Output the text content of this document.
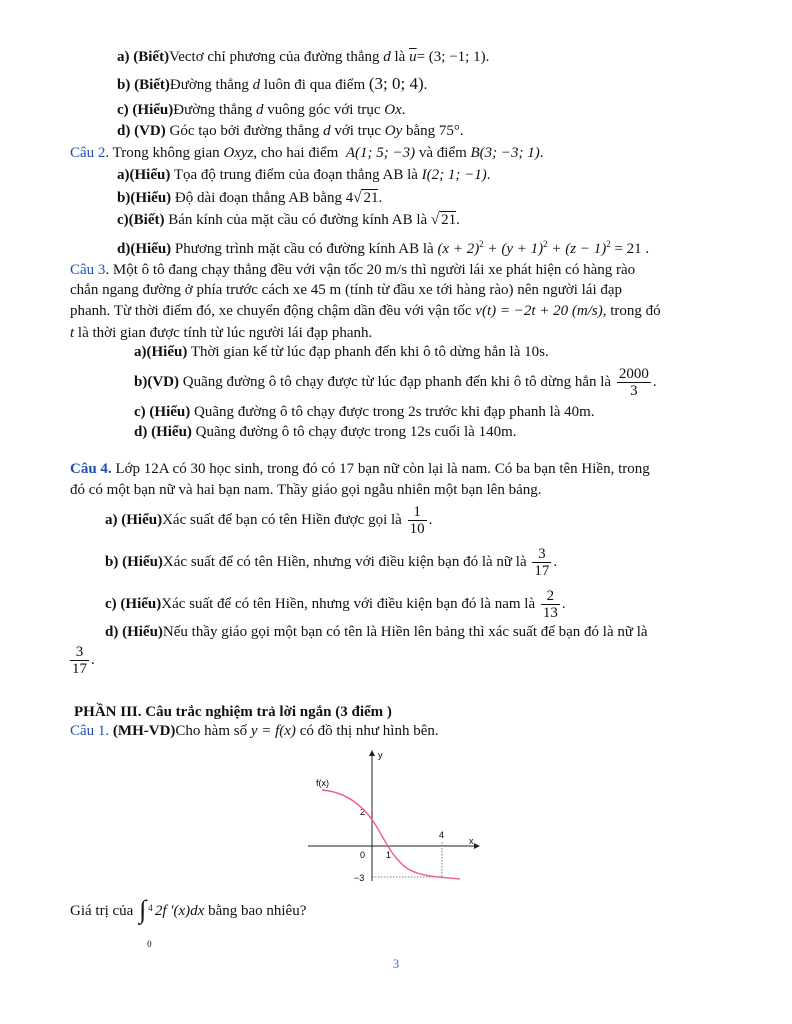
a) (Biết)Vectơ chỉ phương của đường thẳng d là $\overline{u}= (3$; −1; 1).
b) (Biết)Đường thẳng d luôn đi qua điểm (3; 0; 4).
c) (Hiểu)Đường thẳng d vuông góc với trục Ox.
d) (VD) Góc tạo bởi đường thẳng d với trục Oy bằng 75°.
Câu 2. Trong không gian Oxyz, cho hai điểm A(1; 5; −3) và điểm B(3; −3; 1).
a)(Hiểu) Tọa độ trung điểm của đoạn thẳng AB là I(2; 1; −1).
b)(Hiểu) Độ dài đoạn thẳng AB bằng 4√ 21.
c)(Biết) Bán kính của mặt cầu có đường kính AB là √ 21.
d)(Hiểu) Phương trình mặt cầu có đường kính AB là $(x + 2)^2 + (y + 1)^2 + (z - 1)^2 = 21$ .
Câu 3. Một ô tô đang chạy thẳng đều với vận tốc 20 m/s thì người lái xe phát hiện có hàng rào
chắn ngang đường ở phía trước cách xe 45 m (tính từ đầu xe tới hàng rào) nên người lái đạp
phanh. Từ thời điểm đó, xe chuyển động chậm dần đều với vận tốc v(t) = −2t + 20 (m/s), trong đó
t là thời gian được tính từ lúc người lái đạp phanh.
a)(Hiểu) Thời gian kể từ lúc đạp phanh đến khi ô tô dừng hẳn là 10s.
b)(VD) Quãng đường ô tô chạy được từ lúc đạp phanh đến khi ô tô dừng hẳn là $\frac{2000}{3}$ .
c) (Hiểu) Quãng đường ô tô chạy được trong 2s trước khi đạp phanh là 40m.
d) (Hiểu) Quãng đường ô tô chạy được trong 12s cuối là 140m.
Câu 4. Lớp 12A có 30 học sinh, trong đó có 17 bạn nữ còn lại là nam. Có ba bạn tên Hiền, trong
đó có một bạn nữ và hai bạn nam. Thầy giáo gọi ngẫu nhiên một bạn lên bảng.
a) (Hiểu)Xác suất để bạn có tên Hiền được gọi là $\frac{1}{10}$ .
b) (Hiểu)Xác suất để có tên Hiền, nhưng với điều kiện bạn đó là nữ là $\frac{3}{17}$ .
c) (Hiểu)Xác suất để có tên Hiền, nhưng với điều kiện bạn đó là nam là $\frac{2}{13}$ .
d) (Hiểu)Nếu thầy giáo gọi một bạn có tên là Hiền lên bảng thì xác suất để bạn đó là nữ là
$\frac{3}{17}$ .
PHẦN III. Câu trắc nghiệm trả lời ngắn (3 điểm )
Câu 1. (MH-VD)Cho hàm số y = f(x) có đồ thị như hình bên.
y
x
f(x)
2
0 1
4
−3
Giá trị của ∫ 4
0
2f ′(x)dx bằng bao nhiêu?
3
